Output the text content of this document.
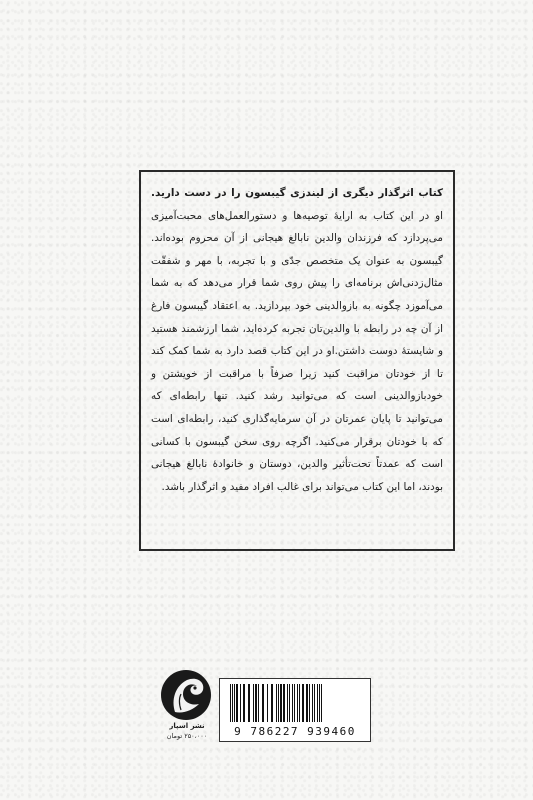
کتاب اثرگذار دیگری از لیندزی گیبسون را در دست دارید. او در این کتاب به ارایهٔ توصیه‌ها و دستورالعمل‌های محبت‌آمیزی می‌پردازد که فرزندان والدین نابالغ هیجانی از آن محروم بوده‌اند. گیبسون به عنوان یک متخصص جدّی و با تجربه، با مهر و شفقّت مثال‌زدنی‌اش برنامه‌ای را پیش روی شما قرار می‌دهد که به شما می‌آموزد چگونه به بازوالدینی خود بپردازید. به اعتقاد گیبسون فارغ از آن چه در رابطه با والدین‌تان تجربه کرده‌اید، شما ارزشمند هستید و شایستهٔ دوست داشتن.او در این کتاب قصد دارد به شما کمک کند تا از خودتان مراقبت کنید زیرا صرفاً با مراقبت از خویشتن و خودبازوالدینی است که می‌توانید رشد کنید. تنها رابطه‌ای که می‌توانید تا پایان عمرتان در آن سرمایه‌گذاری کنید، رابطه‌ای است که با خودتان برقرار می‌کنید. اگرچه روی سخن گیبسون با کسانی است که عمدتاً تحت‌تأثیر والدین، دوستان و خانوادهٔ نابالغ هیجانی بودند، اما این کتاب می‌تواند برای غالب افراد مفید و اثرگذار باشد.

نشر اسپار
۲۵۰،۰۰۰ تومان	9 786227 939460
